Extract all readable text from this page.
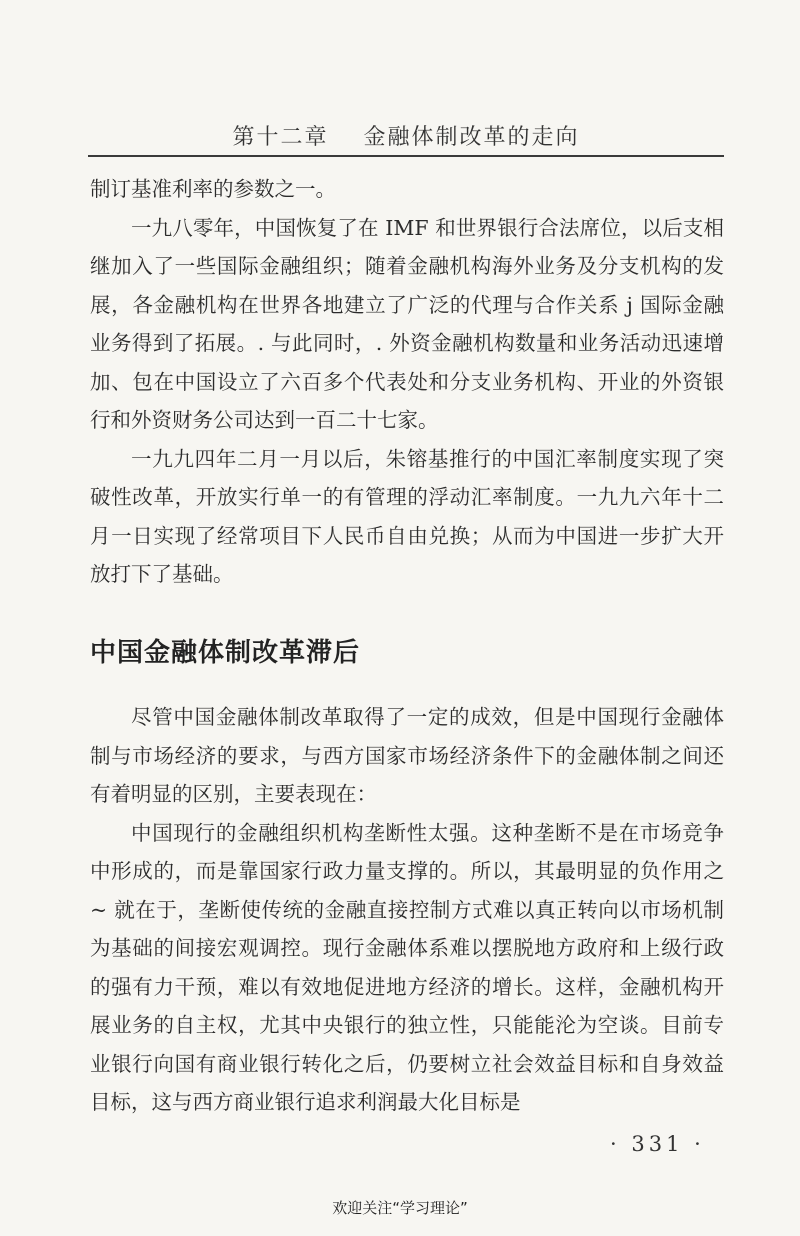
第十二章 金融体制改革的走向

制订基准利率的参数之一。

一九八零年，中国恢复了在 IMF 和世界银行合法席位，以后支相继加入了一些国际金融组织；随着金融机构海外业务及分支机构的发展，各金融机构在世界各地建立了广泛的代理与合作关系 j 国际金融业务得到了拓展。. 与此同时，. 外资金融机构数量和业务活动迅速增加、包在中国设立了六百多个代表处和分支业务机构、开业的外资银行和外资财务公司达到一百二十七家。

一九九四年二月一月以后，朱镕基推行的中国汇率制度实现了突破性改革，开放实行单一的有管理的浮动汇率制度。一九九六年十二月一日实现了经常项目下人民币自由兑换；从而为中国进一步扩大开放打下了基础。

中国金融体制改革滞后

尽管中国金融体制改革取得了一定的成效，但是中国现行金融体制与市场经济的要求，与西方国家市场经济条件下的金融体制之间还有着明显的区别，主要表现在：

中国现行的金融组织机构垄断性太强。这种垄断不是在市场竞争中形成的，而是靠国家行政力量支撑的。所以，其最明显的负作用之 ~ 就在于，垄断使传统的金融直接控制方式难以真正转向以市场机制为基础的间接宏观调控。现行金融体系难以摆脱地方政府和上级行政的强有力干预，难以有效地促进地方经济的增长。这样，金融机构开展业务的自主权，尤其中央银行的独立性，只能能沦为空谈。目前专业银行向国有商业银行转化之后，仍要树立社会效益目标和自身效益目标，这与西方商业银行追求利润最大化目标是

· 331 ·
欢迎关注“学习理论”
